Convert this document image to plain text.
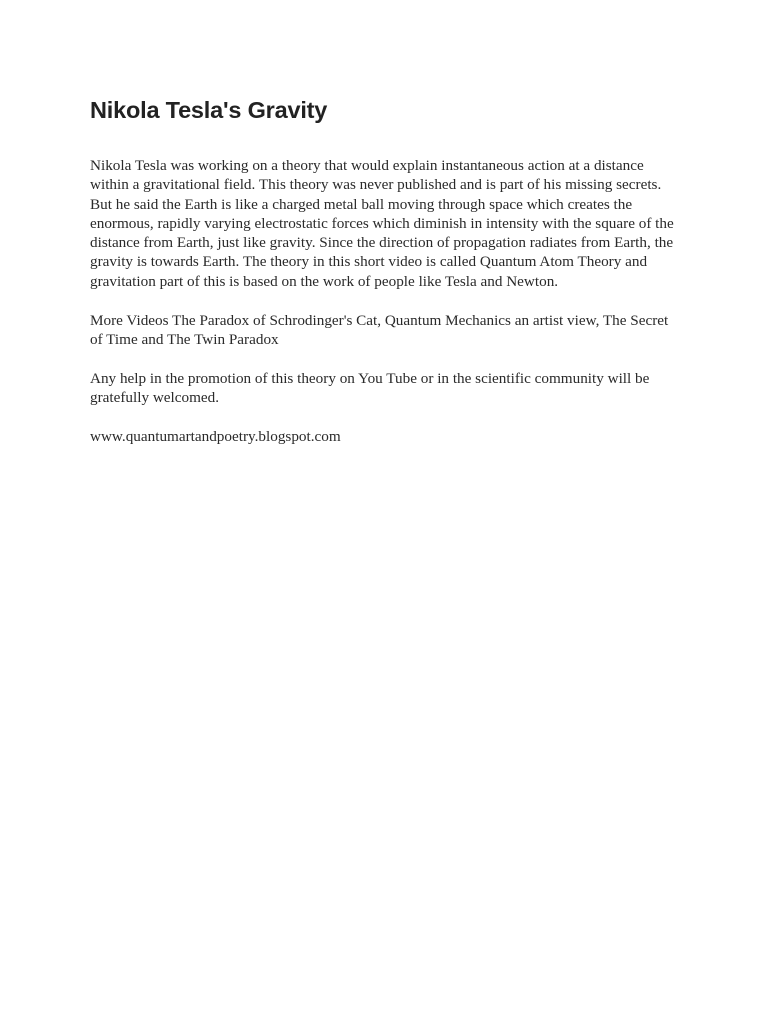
Nikola Tesla's Gravity

Nikola Tesla was working on a theory that would explain instantaneous action at a distance within a gravitational field. This theory was never published and is part of his missing secrets. But he said the Earth is like a charged metal ball moving through space which creates the enormous, rapidly varying electrostatic forces which diminish in intensity with the square of the distance from Earth, just like gravity. Since the direction of propagation radiates from Earth, the gravity is towards Earth. The theory in this short video is called Quantum Atom Theory and gravitation part of this is based on the work of people like Tesla and Newton.

More Videos The Paradox of Schrodinger's Cat, Quantum Mechanics an artist view, The Secret of Time and The Twin Paradox

Any help in the promotion of this theory on You Tube or in the scientific community will be gratefully welcomed.

www.quantumartandpoetry.blogspot.com
